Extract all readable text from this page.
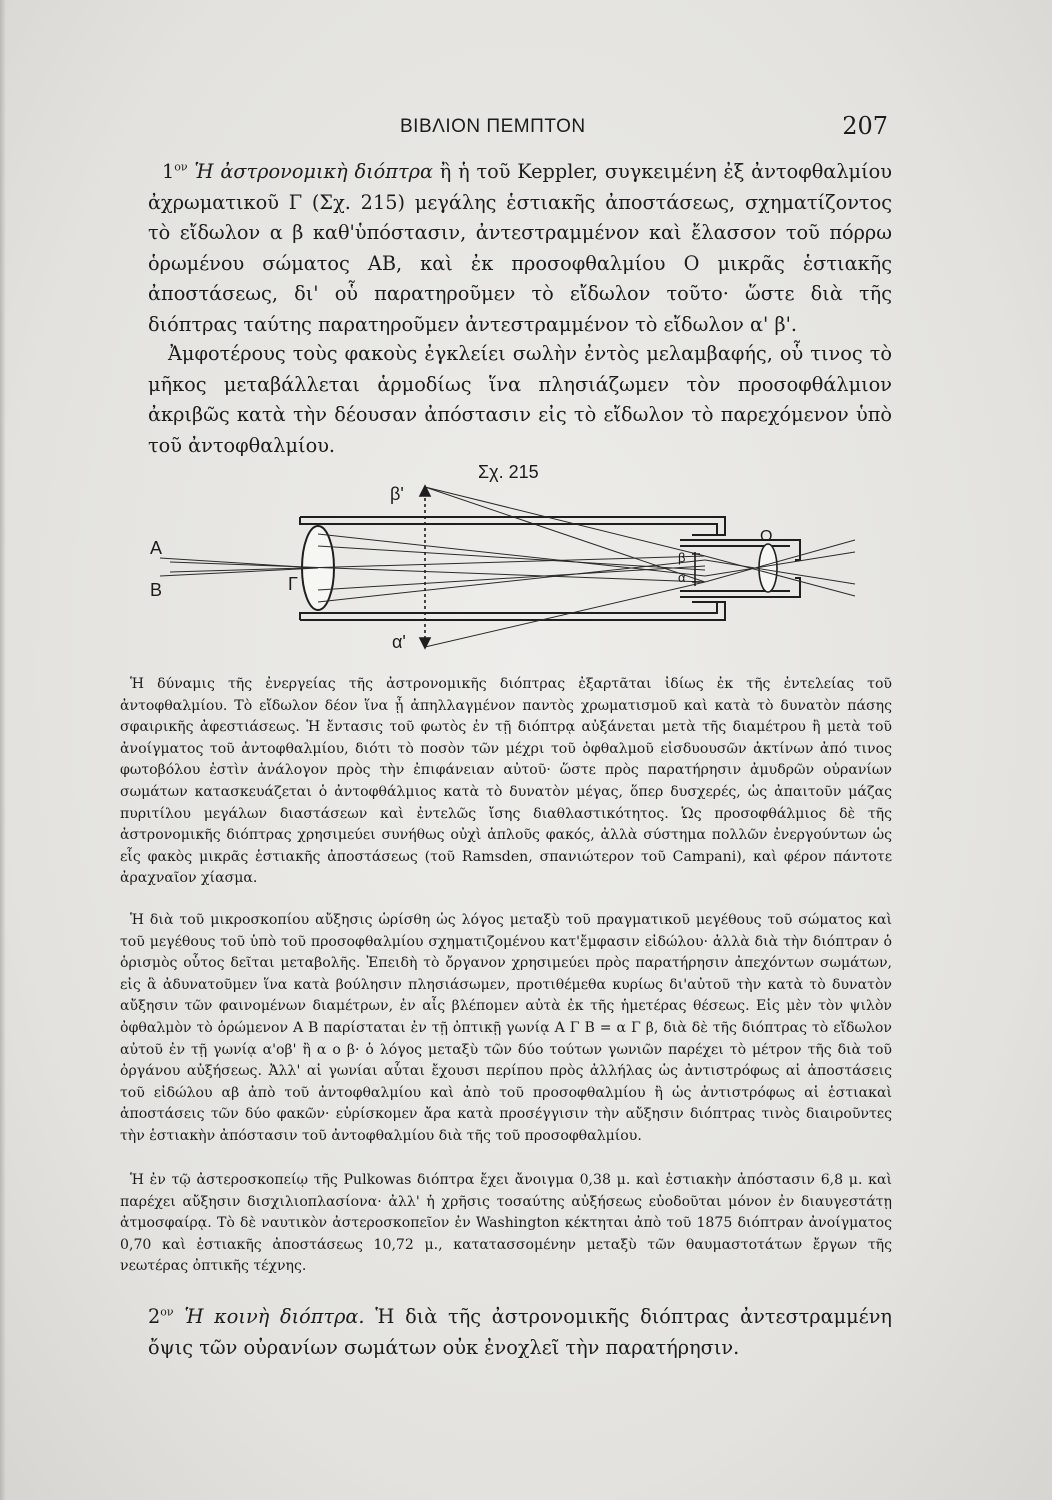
ΒΙΒΛΙΟΝ ΠΕΜΠΤΟΝ	207

$1^{o\nu}$ Ἡ ἀστρονομικὴ διόπτρα ἢ ἡ τοῦ Keppler, συγκειμένη ἐξ ἀντοφθαλμίου ἀχρωματικοῦ Γ (Σχ. 215) μεγάλης ἑστιακῆς ἀποστάσεως, σχηματίζοντος τὸ εἴδωλον α β καθ'ὑπόστασιν, ἀντεστραμμένον καὶ ἔλασσον τοῦ πόρρω ὁρωμένου σώματος ΑΒ, καὶ ἐκ προσοφθαλμίου Ο μικρᾶς ἑστιακῆς ἀποστάσεως, δι' οὗ παρατηροῦμεν τὸ εἴδωλον τοῦτο· ὥστε διὰ τῆς διόπτρας ταύτης παρατηροῦμεν ἀντεστραμμένον τὸ εἴδωλον α' β'.

Ἀμφοτέρους τοὺς φακοὺς ἐγκλείει σωλὴν ἐντὸς μελαμβαφής, οὗ τινος τὸ μῆκος μεταβάλλεται ἁρμοδίως ἵνα πλησιάζωμεν τὸν προσοφθάλμιον ἀκριβῶς κατὰ τὴν δέουσαν ἀπόστασιν εἰς τὸ εἴδωλον τὸ παρεχόμενον ὑπὸ τοῦ ἀντοφθαλμίου.

Σχ. 215
A
B	Γ
O
β'
α'
β
α

Ἡ δύναμις τῆς ἐνεργείας τῆς ἀστρονομικῆς διόπτρας ἐξαρτᾶται ἰδίως ἐκ τῆς ἐντελείας τοῦ ἀντοφθαλμίου. Τὸ εἴδωλον δέον ἵνα ᾖ ἀπηλλαγμένον παντὸς χρωματισμοῦ καὶ κατὰ τὸ δυνατὸν πάσης σφαιρικῆς ἀφεστιάσεως. Ἡ ἔντασις τοῦ φωτὸς ἐν τῇ διόπτρᾳ αὐξάνεται μετὰ τῆς διαμέτρου ἢ μετὰ τοῦ ἀνοίγματος τοῦ ἀντοφθαλμίου, διότι τὸ ποσὸν τῶν μέχρι τοῦ ὀφθαλμοῦ εἰσδυουσῶν ἀκτίνων ἀπό τινος φωτοβόλου ἐστὶν ἀνάλογον πρὸς τὴν ἐπιφάνειαν αὐτοῦ· ὥστε πρὸς παρατήρησιν ἀμυδρῶν οὐρανίων σωμάτων κατασκευάζεται ὁ ἀντοφθάλμιος κατὰ τὸ δυνατὸν μέγας, ὅπερ δυσχερές, ὡς ἀπαιτοῦν μάζας πυριτίλου μεγάλων διαστάσεων καὶ ἐντελῶς ἴσης διαθλαστικότητος. Ὡς προσοφθάλμιος δὲ τῆς ἀστρονομικῆς διόπτρας χρησιμεύει συνήθως οὐχὶ ἁπλοῦς φακός, ἀλλὰ σύστημα πολλῶν ἐνεργούντων ὡς εἷς φακὸς μικρᾶς ἑστιακῆς ἀποστάσεως (τοῦ Ramsden, σπανιώτερον τοῦ Campani), καὶ φέρον πάντοτε ἀραχναῖον χίασμα.

Ἡ διὰ τοῦ μικροσκοπίου αὔξησις ὡρίσθη ὡς λόγος μεταξὺ τοῦ πραγματικοῦ μεγέθους τοῦ σώματος καὶ τοῦ μεγέθους τοῦ ὑπὸ τοῦ προσοφθαλμίου σχηματιζομένου κατ'ἔμφασιν εἰδώλου· ἀλλὰ διὰ τὴν διόπτραν ὁ ὁρισμὸς οὗτος δεῖται μεταβολῆς. Ἐπειδὴ τὸ ὄργανον χρησιμεύει πρὸς παρατήρησιν ἀπεχόντων σωμάτων, εἰς ἃ ἀδυνατοῦμεν ἵνα κατὰ βούλησιν πλησιάσωμεν, προτιθέμεθα κυρίως δι'αὐτοῦ τὴν κατὰ τὸ δυνατὸν αὔξησιν τῶν φαινομένων διαμέτρων, ἐν αἷς βλέπομεν αὐτὰ ἐκ τῆς ἡμετέρας θέσεως. Εἰς μὲν τὸν ψιλὸν ὀφθαλμὸν τὸ ὁρώμενον Α Β παρίσταται ἐν τῇ ὀπτικῇ γωνίᾳ Α Γ Β = α Γ β, διὰ δὲ τῆς διόπτρας τὸ εἴδωλον αὐτοῦ ἐν τῇ γωνίᾳ α'οβ' ἢ α ο β· ὁ λόγος μεταξὺ τῶν δύο τούτων γωνιῶν παρέχει τὸ μέτρον τῆς διὰ τοῦ ὀργάνου αὐξήσεως. Ἀλλ' αἱ γωνίαι αὗται ἔχουσι περίπου πρὸς ἀλλήλας ὡς ἀντιστρόφως αἱ ἀποστάσεις τοῦ εἰδώλου αβ ἀπὸ τοῦ ἀντοφθαλμίου καὶ ἀπὸ τοῦ προσοφθαλμίου ἢ ὡς ἀντιστρόφως αἱ ἑστιακαὶ ἀποστάσεις τῶν δύο φακῶν· εὑρίσκομεν ἄρα κατὰ προσέγγισιν τὴν αὔξησιν διόπτρας τινὸς διαιροῦντες τὴν ἑστιακὴν ἀπόστασιν τοῦ ἀντοφθαλμίου διὰ τῆς τοῦ προσοφθαλμίου.

Ἡ ἐν τῷ ἀστεροσκοπείῳ τῆς Pulkowas διόπτρα ἔχει ἄνοιγμα 0,38 μ. καὶ ἑστιακὴν ἀπόστασιν 6,8 μ. καὶ παρέχει αὔξησιν δισχιλιοπλασίονα· ἀλλ' ἡ χρῆσις τοσαύτης αὐξήσεως εὐοδοῦται μόνον ἐν διαυγεστάτῃ ἀτμοσφαίρᾳ. Τὸ δὲ ναυτικὸν ἀστεροσκοπεῖον ἐν Washington κέκτηται ἀπὸ τοῦ 1875 διόπτραν ἀνοίγματος 0,70 καὶ ἑστιακῆς ἀποστάσεως 10,72 μ., κατατασσομένην μεταξὺ τῶν θαυμαστοτάτων ἔργων τῆς νεωτέρας ὀπτικῆς τέχνης.

$2^{o\nu}$ Ἡ κοινὴ διόπτρα. Ἡ διὰ τῆς ἀστρονομικῆς διόπτρας ἀντεστραμμένη ὄψις τῶν οὐρανίων σωμάτων οὐκ ἐνοχλεῖ τὴν παρατήρησιν.
